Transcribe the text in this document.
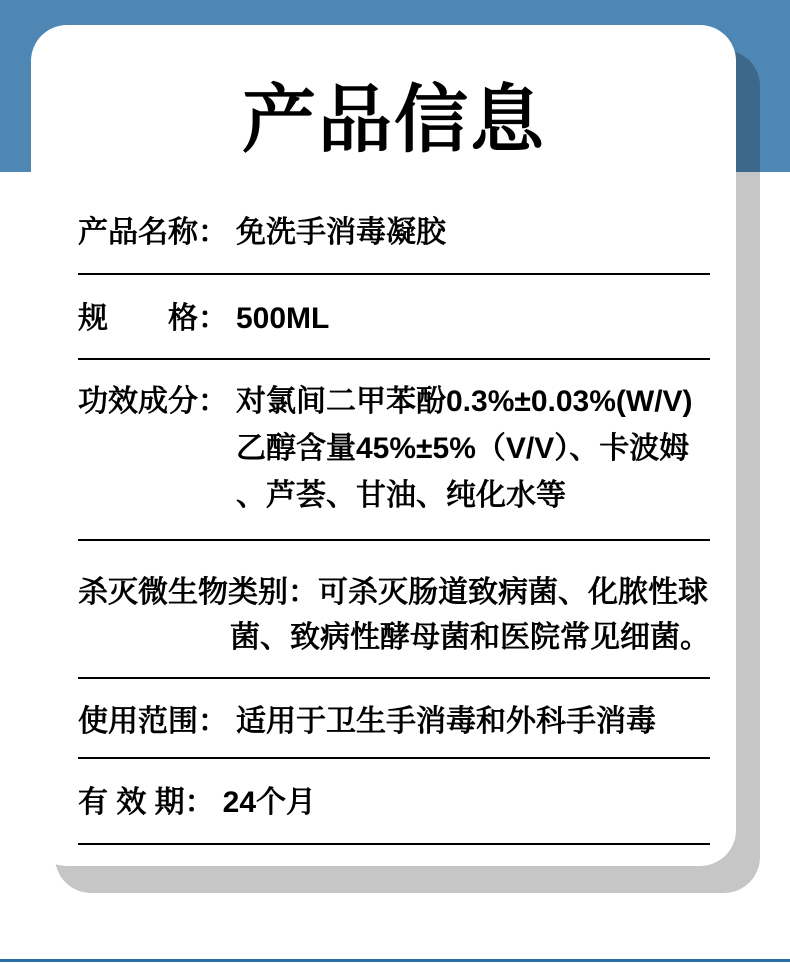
产品信息
产品名称： 免洗手消毒凝胶
规　　格： 500ML
功效成分： 对氯间二甲苯酚0.3%±0.03%(W/V)
乙醇含量45%±5%（V/V）、卡波姆
、芦荟、甘油、纯化水等
杀灭微生物类别：可杀灭肠道致病菌、化脓性球
菌、致病性酵母菌和医院常见细菌。
使用范围： 适用于卫生手消毒和外科手消毒
有 效 期： 24个月
